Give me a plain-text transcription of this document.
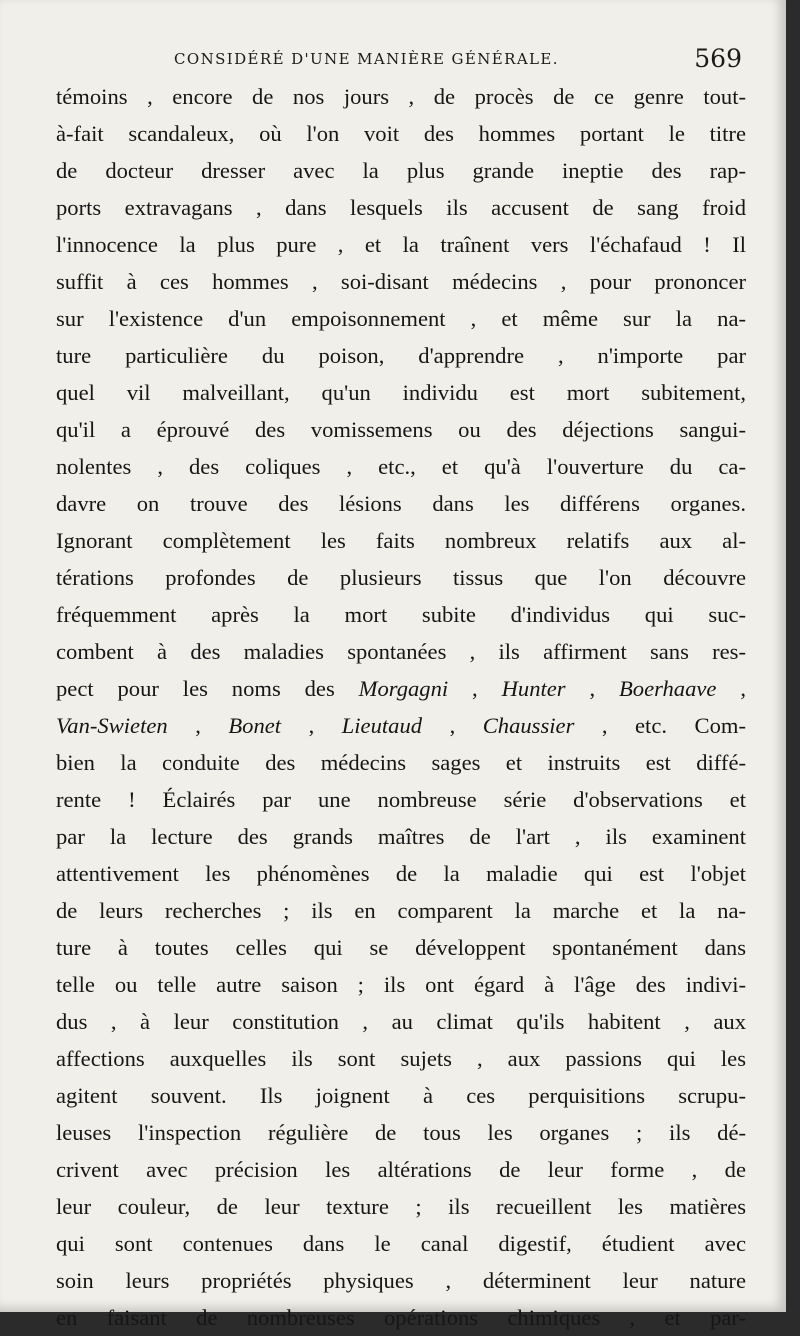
CONSIDÉRÉ D'UNE MANIÈRE GÉNÉRALE.	569
témoins , encore de nos jours , de procès de ce genre tout-
à-fait scandaleux, où l'on voit des hommes portant le titre
de docteur dresser avec la plus grande ineptie des rap-
ports extravagans , dans lesquels ils accusent de sang froid
l'innocence la plus pure , et la traînent vers l'échafaud ! Il
suffit à ces hommes , soi-disant médecins , pour prononcer
sur l'existence d'un empoisonnement , et même sur la na-
ture particulière du poison, d'apprendre , n'importe par
quel vil malveillant, qu'un individu est mort subitement,
qu'il a éprouvé des vomissemens ou des déjections sangui-
nolentes , des coliques , etc., et qu'à l'ouverture du ca-
davre on trouve des lésions dans les différens organes.
Ignorant complètement les faits nombreux relatifs aux al-
térations profondes de plusieurs tissus que l'on découvre
fréquemment après la mort subite d'individus qui suc-
combent à des maladies spontanées , ils affirment sans res-
pect pour les noms des Morgagni , Hunter , Boerhaave ,
Van-Swieten , Bonet , Lieutaud , Chaussier , etc. Com-
bien la conduite des médecins sages et instruits est diffé-
rente ! Éclairés par une nombreuse série d'observations et
par la lecture des grands maîtres de l'art , ils examinent
attentivement les phénomènes de la maladie qui est l'objet
de leurs recherches ; ils en comparent la marche et la na-
ture à toutes celles qui se développent spontanément dans
telle ou telle autre saison ; ils ont égard à l'âge des indivi-
dus , à leur constitution , au climat qu'ils habitent , aux
affections auxquelles ils sont sujets , aux passions qui les
agitent souvent. Ils joignent à ces perquisitions scrupu-
leuses l'inspection régulière de tous les organes ; ils dé-
crivent avec précision les altérations de leur forme , de
leur couleur, de leur texture ; ils recueillent les matières
qui sont contenues dans le canal digestif, étudient avec
soin leurs propriétés physiques , déterminent leur nature
en faisant de nombreuses opérations chimiques , et par-
